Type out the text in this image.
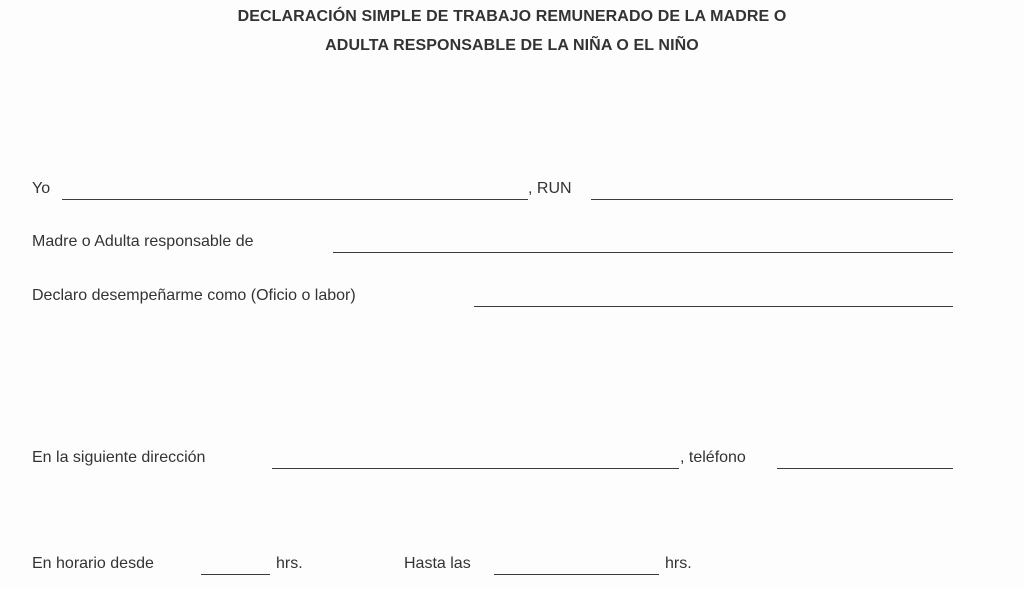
DECLARACIÓN SIMPLE DE TRABAJO REMUNERADO DE LA MADRE O
ADULTA RESPONSABLE DE LA NIÑA O EL NIÑO
Yo	, RUN
Madre o Adulta responsable de
Declaro desempeñarme como (Oficio o labor)
En la siguiente dirección	, teléfono
En horario desde	hrs.	Hasta las	hrs.
